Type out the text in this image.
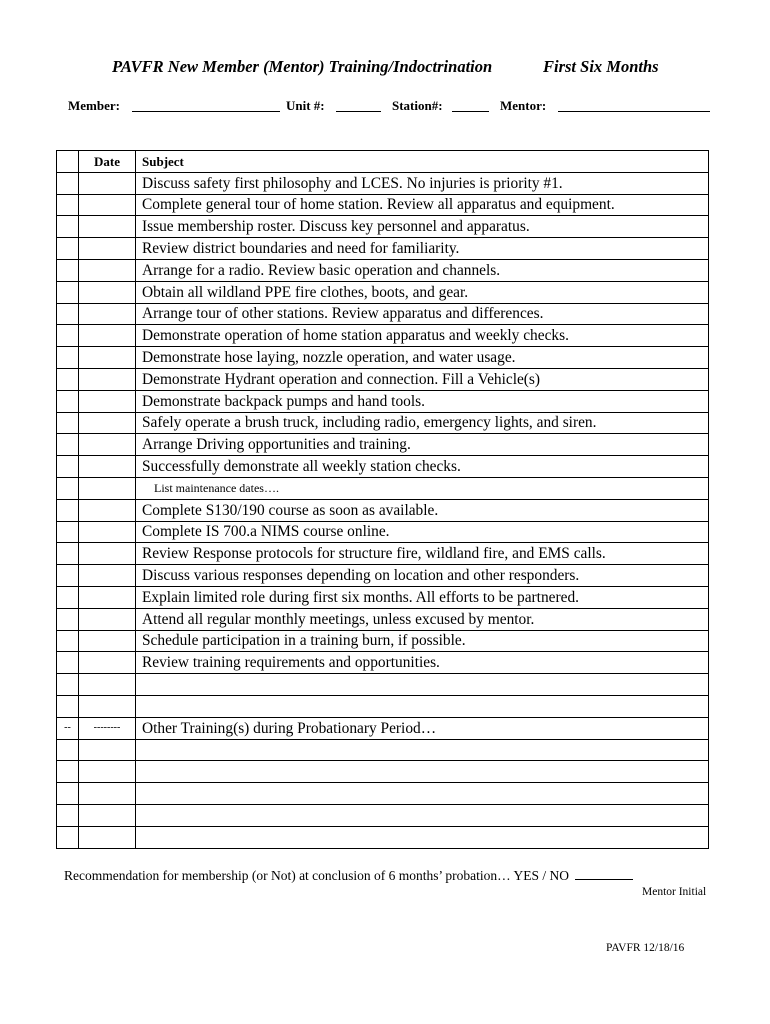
PAVFR New Member (Mentor) Training/Indoctrination	First Six Months
Member:	Unit #:	Station#:	Mentor:
	Date	Subject
		Discuss safety first philosophy and LCES. No injuries is priority #1.
		Complete general tour of home station. Review all apparatus and equipment.
		Issue membership roster. Discuss key personnel and apparatus.
		Review district boundaries and need for familiarity.
		Arrange for a radio. Review basic operation and channels.
		Obtain all wildland PPE fire clothes, boots, and gear.
		Arrange tour of other stations. Review apparatus and differences.
		Demonstrate operation of home station apparatus and weekly checks.
		Demonstrate hose laying, nozzle operation, and water usage.
		Demonstrate Hydrant operation and connection. Fill a Vehicle(s)
		Demonstrate backpack pumps and hand tools.
		Safely operate a brush truck, including radio, emergency lights, and siren.
		Arrange Driving opportunities and training.
		Successfully demonstrate all weekly station checks.
		List maintenance dates….
		Complete S130/190 course as soon as available.
		Complete IS 700.a NIMS course online.
		Review Response protocols for structure fire, wildland fire, and EMS calls.
		Discuss various responses depending on location and other responders.
		Explain limited role during first six months. All efforts to be partnered.
		Attend all regular monthly meetings, unless excused by mentor.
		Schedule participation in a training burn, if possible.
		Review training requirements and opportunities.

--	--------	Other Training(s) during Probationary Period…

Recommendation for membership (or Not) at conclusion of 6 months’ probation… YES / NO
Mentor Initial
PAVFR 12/18/16
